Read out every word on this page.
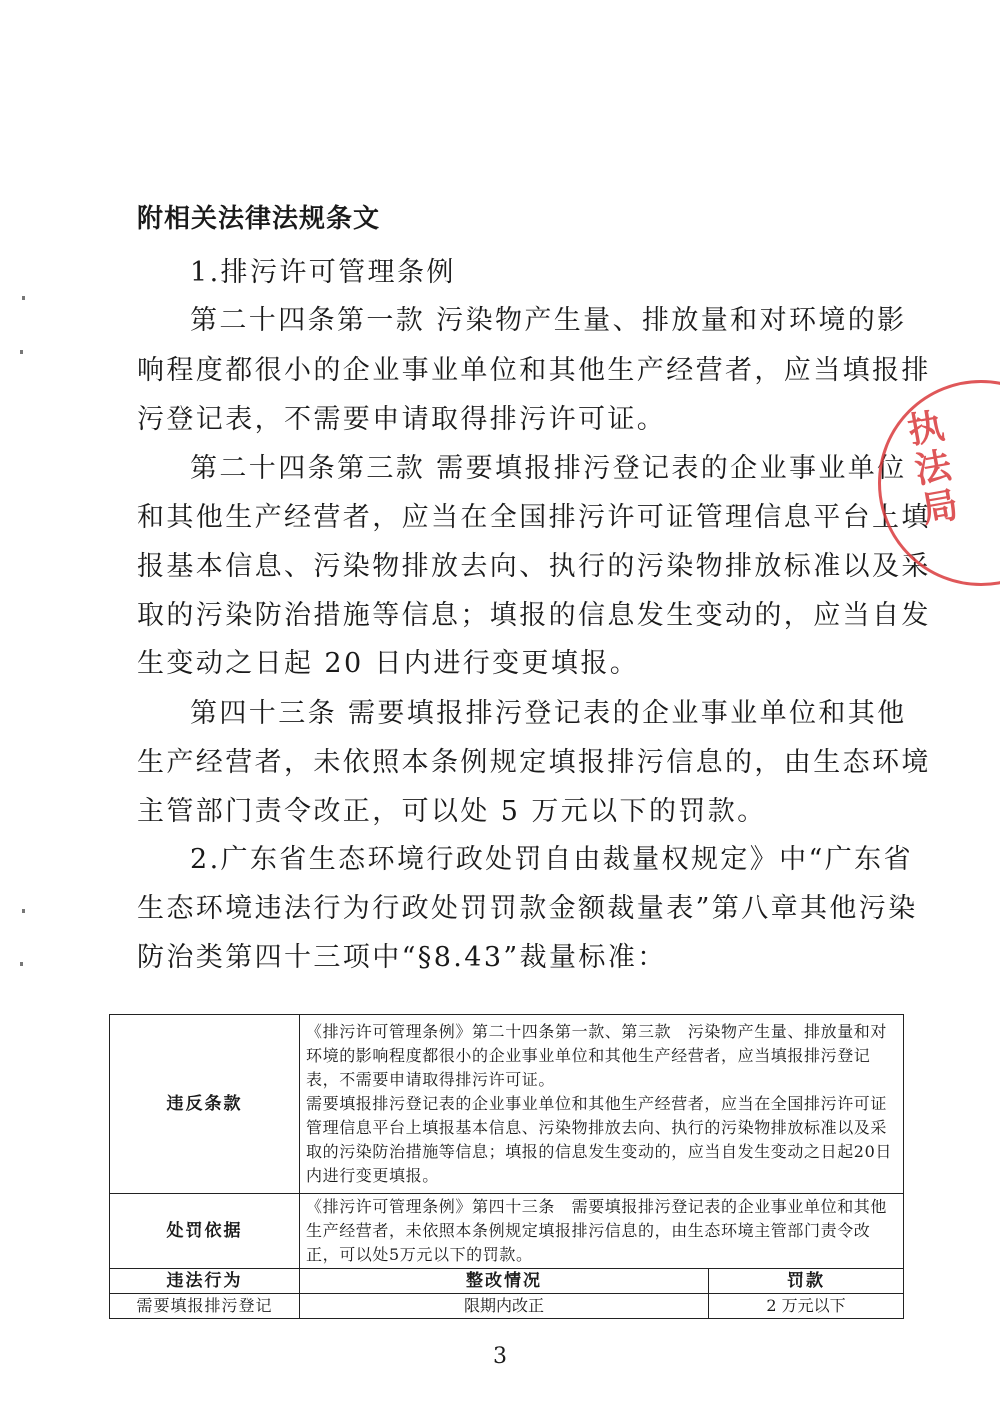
附相关法律法规条文
1.排污许可管理条例
第二十四条第一款 污染物产生量、排放量和对环境的影
响程度都很小的企业事业单位和其他生产经营者，应当填报排
污登记表，不需要申请取得排污许可证。
第二十四条第三款 需要填报排污登记表的企业事业单位
和其他生产经营者，应当在全国排污许可证管理信息平台上填
报基本信息、污染物排放去向、执行的污染物排放标准以及采
取的污染防治措施等信息；填报的信息发生变动的，应当自发
生变动之日起 20 日内进行变更填报。
第四十三条 需要填报排污登记表的企业事业单位和其他
生产经营者，未依照本条例规定填报排污信息的，由生态环境
主管部门责令改正，可以处 5 万元以下的罚款。
2.广东省生态环境行政处罚自由裁量权规定》中“广东省
生态环境违法行为行政处罚罚款金额裁量表”第八章其他污染
防治类第四十三项中“§8.43”裁量标准：
执法局
违反条款	《排污许可管理条例》第二十四条第一款、第三款　污染物产生量、排放量和对环境的影响程度都很小的企业事业单位和其他生产经营者，应当填报排污登记表，不需要申请取得排污许可证。
需要填报排污登记表的企业事业单位和其他生产经营者，应当在全国排污许可证管理信息平台上填报基本信息、污染物排放去向、执行的污染物排放标准以及采取的污染防治措施等信息；填报的信息发生变动的，应当自发生变动之日起20日内进行变更填报。	

处罚依据	《排污许可管理条例》第四十三条　需要填报排污登记表的企业事业单位和其他生产经营者，未依照本条例规定填报排污信息的，由生态环境主管部门责令改正，可以处5万元以下的罚款。	
违法行为	整改情况	罚款
需要填报排污登记	限期内改正	2 万元以下
3
